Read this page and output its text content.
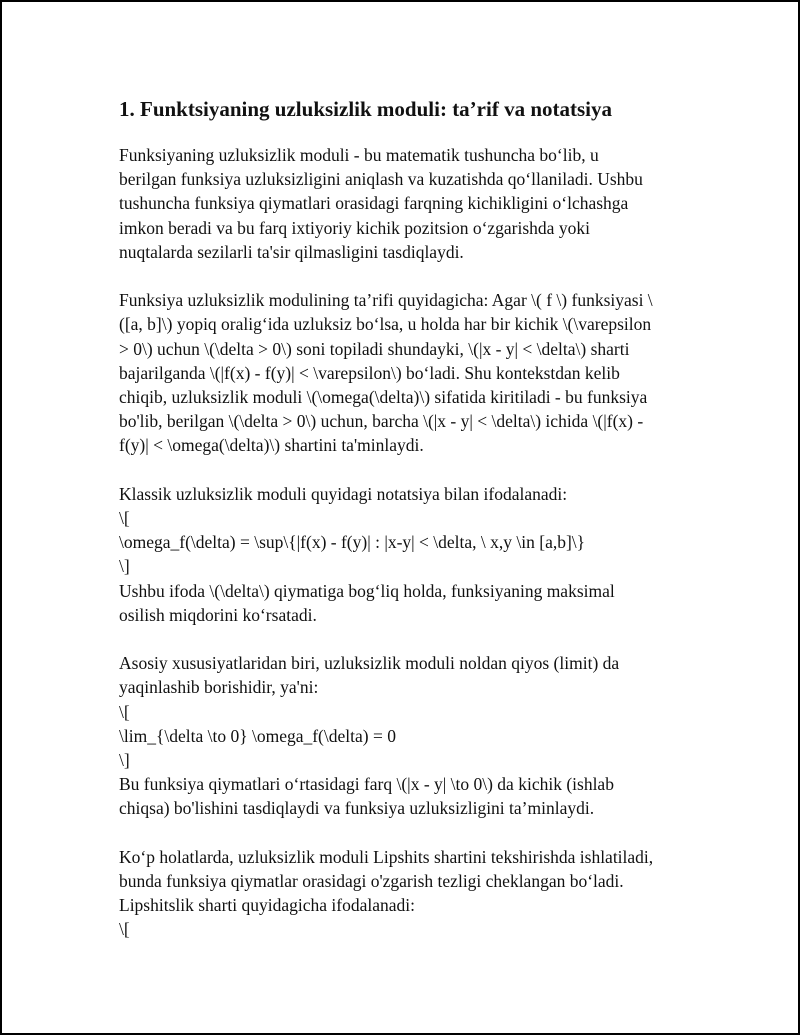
1. Funktsiyaning uzluksizlik moduli: ta’rif va notatsiya

Funksiyaning uzluksizlik moduli - bu matematik tushuncha bo‘lib, u
berilgan funksiya uzluksizligini aniqlash va kuzatishda qo‘llaniladi. Ushbu
tushuncha funksiya qiymatlari orasidagi farqning kichikligini o‘lchashga
imkon beradi va bu farq ixtiyoriy kichik pozitsion o‘zgarishda yoki
nuqtalarda sezilarli ta'sir qilmasligini tasdiqlaydi.

Funksiya uzluksizlik modulining ta’rifi quyidagicha: Agar \( f \) funksiyasi \
([a, b]\) yopiq oralig‘ida uzluksiz bo‘lsa, u holda har bir kichik \(\varepsilon
> 0\) uchun \(\delta > 0\) soni topiladi shundayki, \(|x - y| < \delta\) sharti
bajarilganda \(|f(x) - f(y)| < \varepsilon\) bo‘ladi. Shu kontekstdan kelib
chiqib, uzluksizlik moduli \(\omega(\delta)\) sifatida kiritiladi - bu funksiya
bo'lib, berilgan \(\delta > 0\) uchun, barcha \(|x - y| < \delta\) ichida \(|f(x) -
f(y)| < \omega(\delta)\) shartini ta'minlaydi.

Klassik uzluksizlik moduli quyidagi notatsiya bilan ifodalanadi:
\[
\omega_f(\delta) = \sup\{|f(x) - f(y)| : |x-y| < \delta, \ x,y \in [a,b]\}
\]
Ushbu ifoda \(\delta\) qiymatiga bog‘liq holda, funksiyaning maksimal
osilish miqdorini ko‘rsatadi.

Asosiy xususiyatlaridan biri, uzluksizlik moduli noldan qiyos (limit) da
yaqinlashib borishidir, ya'ni:
\[
\lim_{\delta \to 0} \omega_f(\delta) = 0
\]
Bu funksiya qiymatlari o‘rtasidagi farq \(|x - y| \to 0\) da kichik (ishlab
chiqsa) bo'lishini tasdiqlaydi va funksiya uzluksizligini ta’minlaydi.

Ko‘p holatlarda, uzluksizlik moduli Lipshits shartini tekshirishda ishlatiladi,
bunda funksiya qiymatlar orasidagi o'zgarish tezligi cheklangan bo‘ladi.
Lipshitslik sharti quyidagicha ifodalanadi:
\[
